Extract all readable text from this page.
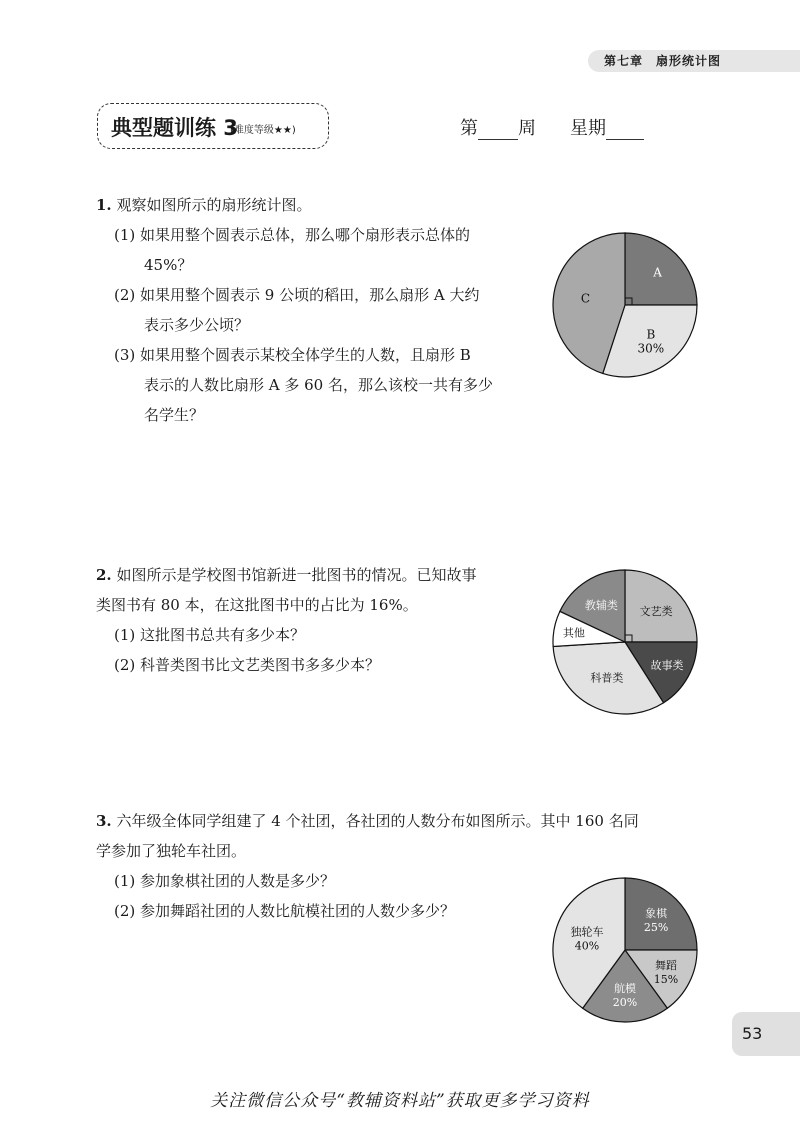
第七章　扇形统计图
典型题训练 3
(难度等级★★)	第 周 星期
1. 观察如图所示的扇形统计图。
(1) 如果用整个圆表示总体，那么哪个扇形表示总体的
45%？
(2) 如果用整个圆表示 9 公顷的稻田，那么扇形 A 大约
表示多少公顷？
(3) 如果用整个圆表示某校全体学生的人数，且扇形 B
表示的人数比扇形 A 多 60 名，那么该校一共有多少
名学生？
A
B
30%
C
2. 如图所示是学校图书馆新进一批图书的情况。已知故事
类图书有 80 本，在这批图书中的占比为 16%。
(1) 这批图书总共有多少本？
(2) 科普类图书比文艺类图书多多少本？
文艺类
故事类
科普类
其他
教辅类
3. 六年级全体同学组建了 4 个社团，各社团的人数分布如图所示。其中 160 名同
学参加了独轮车社团。
(1) 参加象棋社团的人数是多少？
(2) 参加舞蹈社团的人数比航模社团的人数少多少？	象棋
25%
舞蹈
15%
航模
20%
独轮车
40%
53
关注微信公众号“教辅资料站”获取更多学习资料
